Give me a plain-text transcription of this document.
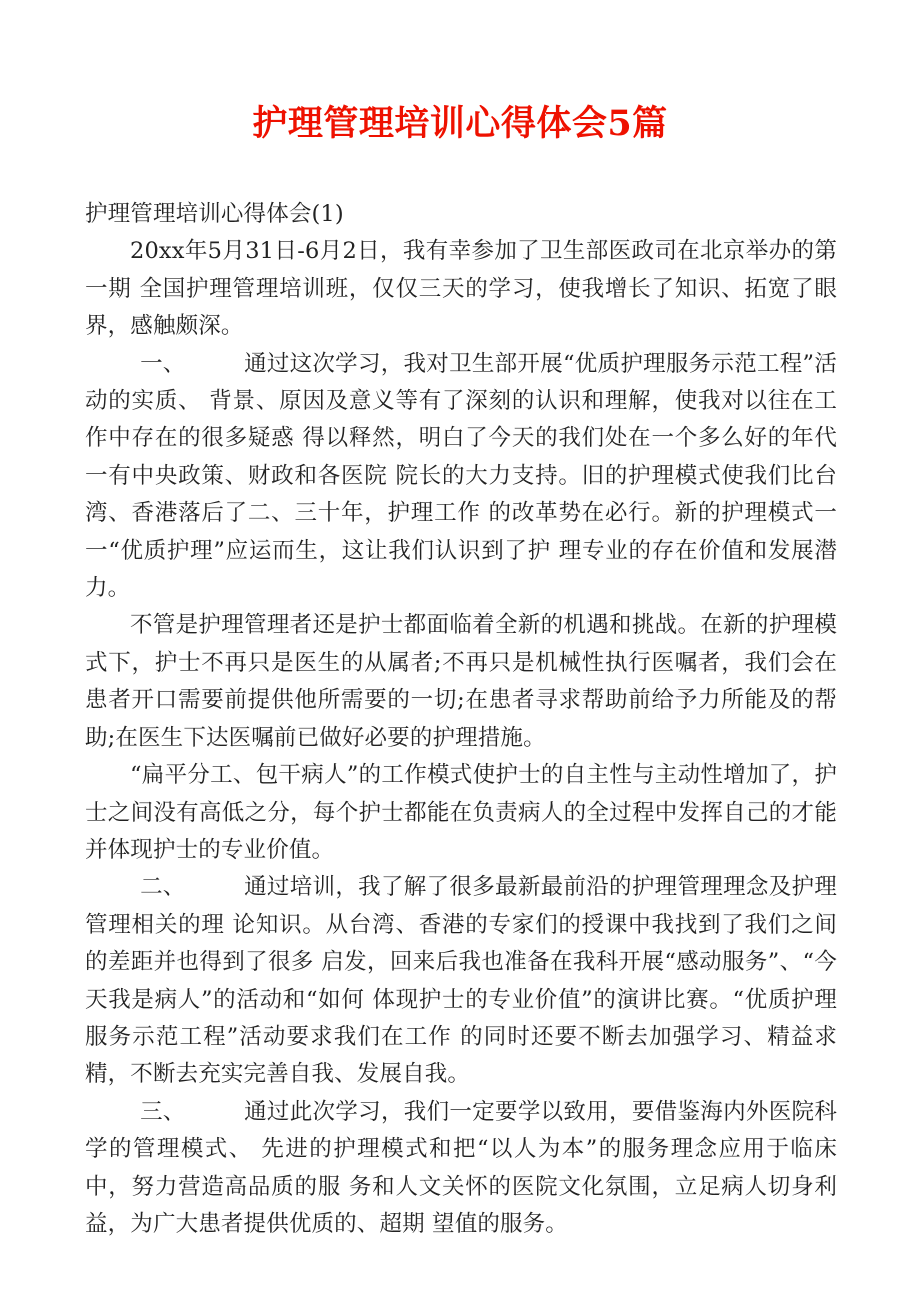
护理管理培训心得体会5篇

护理管理培训心得体会(1)

20xx年5月31日-6月2日，我有幸参加了卫生部医政司在北京举办的第一期 全国护理管理培训班，仅仅三天的学习，使我增长了知识、拓宽了眼界，感触颇深。

一、	通过这次学习，我对卫生部开展“优质护理服务示范工程”活动的实质、 背景、原因及意义等有了深刻的认识和理解，使我对以往在工作中存在的很多疑惑 得以释然，明白了今天的我们处在一个多么好的年代一有中央政策、财政和各医院 院长的大力支持。旧的护理模式使我们比台湾、香港落后了二、三十年，护理工作 的改革势在必行。新的护理模式一一“优质护理”应运而生，这让我们认识到了护 理专业的存在价值和发展潜力。

不管是护理管理者还是护士都面临着全新的机遇和挑战。在新的护理模式下，护士不再只是医生的从属者;不再只是机械性执行医嘱者，我们会在患者开口需要前提供他所需要的一切;在患者寻求帮助前给予力所能及的帮助;在医生下达医嘱前已做好必要的护理措施。

“扁平分工、包干病人”的工作模式使护士的自主性与主动性增加了，护士之间没有高低之分，每个护士都能在负责病人的全过程中发挥自己的才能并体现护士的专业价值。

二、	通过培训，我了解了很多最新最前沿的护理管理理念及护理管理相关的理 论知识。从台湾、香港的专家们的授课中我找到了我们之间的差距并也得到了很多 启发，回来后我也准备在我科开展“感动服务”、“今天我是病人”的活动和“如何 体现护士的专业价值”的演讲比赛。“优质护理服务示范工程”活动要求我们在工作 的同时还要不断去加强学习、精益求精，不断去充实完善自我、发展自我。

三、	通过此次学习，我们一定要学以致用，要借鉴海内外医院科学的管理模式、 先进的护理模式和把“以人为本”的服务理念应用于临床中，努力营造高品质的服 务和人文关怀的医院文化氛围，立足病人切身利益，为广大患者提供优质的、超期 望值的服务。
